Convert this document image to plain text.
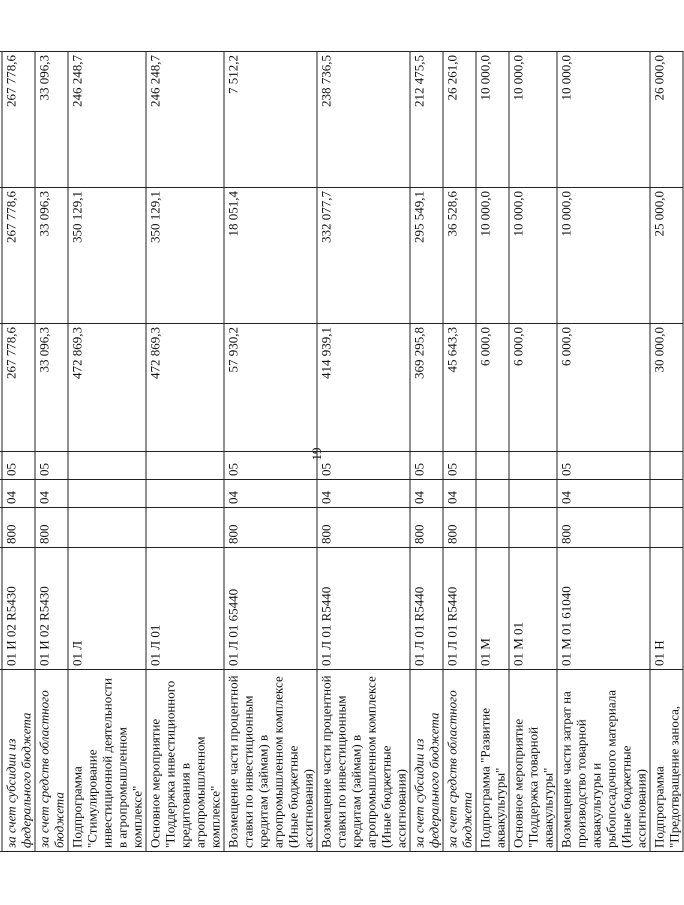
19

за счет субсидии из федерального бюджета	01 И 02 R5430	800	04	05	267 778,6	267 778,6	267 778,6
за счет средств областного бюджета	01 И 02 R5430	800	04	05	33 096,3	33 096,3	33 096,3
Подпрограмма "Стимулирование инвестиционной деятельности в агропромышленном комплексе"	01 Л				472 869,3	350 129,1	246 248,7
Основное мероприятие "Поддержка инвестиционного кредитования в агропромышленном комплексе"	01 Л 01				472 869,3	350 129,1	246 248,7
Возмещение части процентной ставки по инвестиционным кредитам (займам) в агропромышленном комплексе (Иные бюджетные ассигнования)	01 Л 01 65440	800	04	05	57 930,2	18 051,4	7 512,2
Возмещение части процентной ставки по инвестиционным кредитам (займам) в агропромышленном комплексе (Иные бюджетные ассигнования)	01 Л 01 R5440	800	04	05	414 939,1	332 077,7	238 736,5
за счет субсидии из федерального бюджета	01 Л 01 R5440	800	04	05	369 295,8	295 549,1	212 475,5
за счет средств областного бюджета	01 Л 01 R5440	800	04	05	45 643,3	36 528,6	26 261,0
Подпрограмма "Развитие аквакультуры"	01 М				6 000,0	10 000,0	10 000,0
Основное мероприятие "Поддержка товарной аквакультуры"	01 М 01				6 000,0	10 000,0	10 000,0
Возмещение части затрат на производство товарной аквакультуры и рыбопосадочного материала (Иные бюджетные ассигнования)	01 М 01 61040	800	04	05	6 000,0	10 000,0	10 000,0
Подпрограмма "Предотвращение заноса,	01 Н				30 000,0	25 000,0	26 000,0
